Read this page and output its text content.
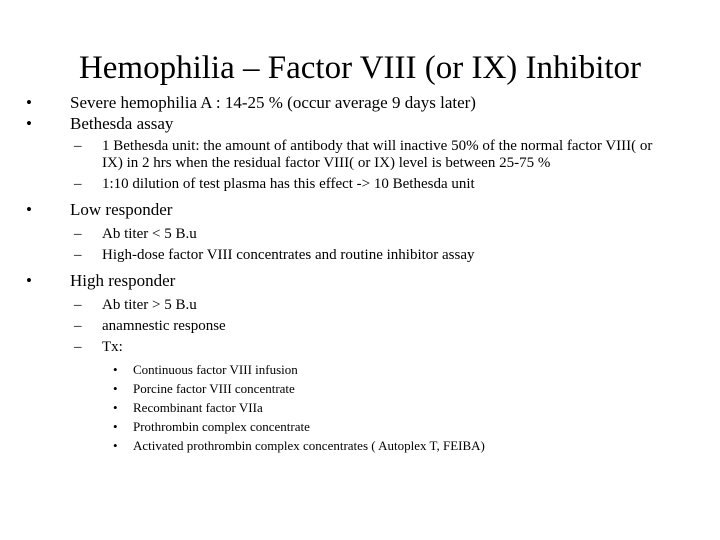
Hemophilia – Factor VIII (or IX) Inhibitor
• Severe hemophilia A : 14-25 % (occur average 9 days later)
• Bethesda assay
– 1 Bethesda unit: the amount of antibody that will inactive 50% of the normal factor VIII( or IX) in 2 hrs when the residual factor VIII( or IX) level is between 25-75 %
– 1:10 dilution of test plasma has this effect -> 10 Bethesda unit
• Low responder
– Ab titer < 5 B.u
– High-dose factor VIII concentrates and routine inhibitor assay
• High responder
– Ab titer > 5 B.u
– anamnestic response
– Tx:
• Continuous factor VIII infusion
• Porcine factor VIII concentrate
• Recombinant factor VIIa
• Prothrombin complex concentrate
• Activated prothrombin complex concentrates ( Autoplex T, FEIBA)
